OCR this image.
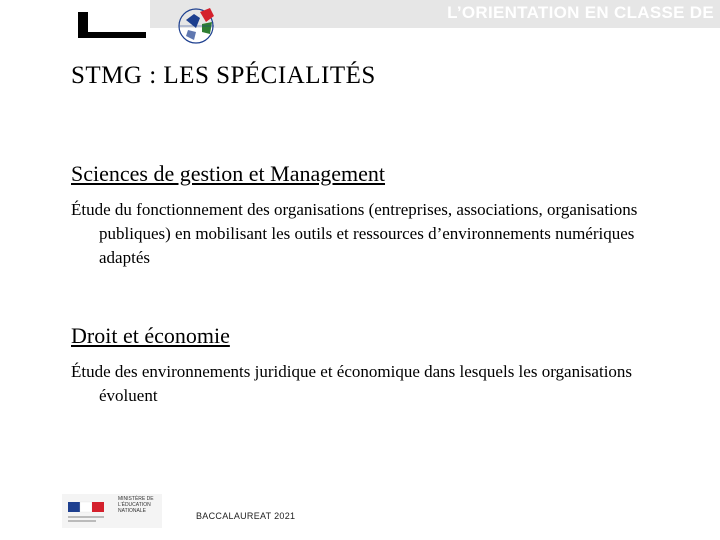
L’ORIENTATION EN CLASSE DE SECONDE
STMG : LES SPÉCIALITÉS
Sciences de gestion et Management

Étude du fonctionnement des organisations (entreprises, associations, organisations publiques) en mobilisant les outils et ressources d’environnements numériques adaptés

Droit et économie

Étude des environnements juridique et économique dans lesquels les organisations évoluent

MINISTÈRE DE L’ÉDUCATION NATIONALE	BACCALAUREAT 2021
